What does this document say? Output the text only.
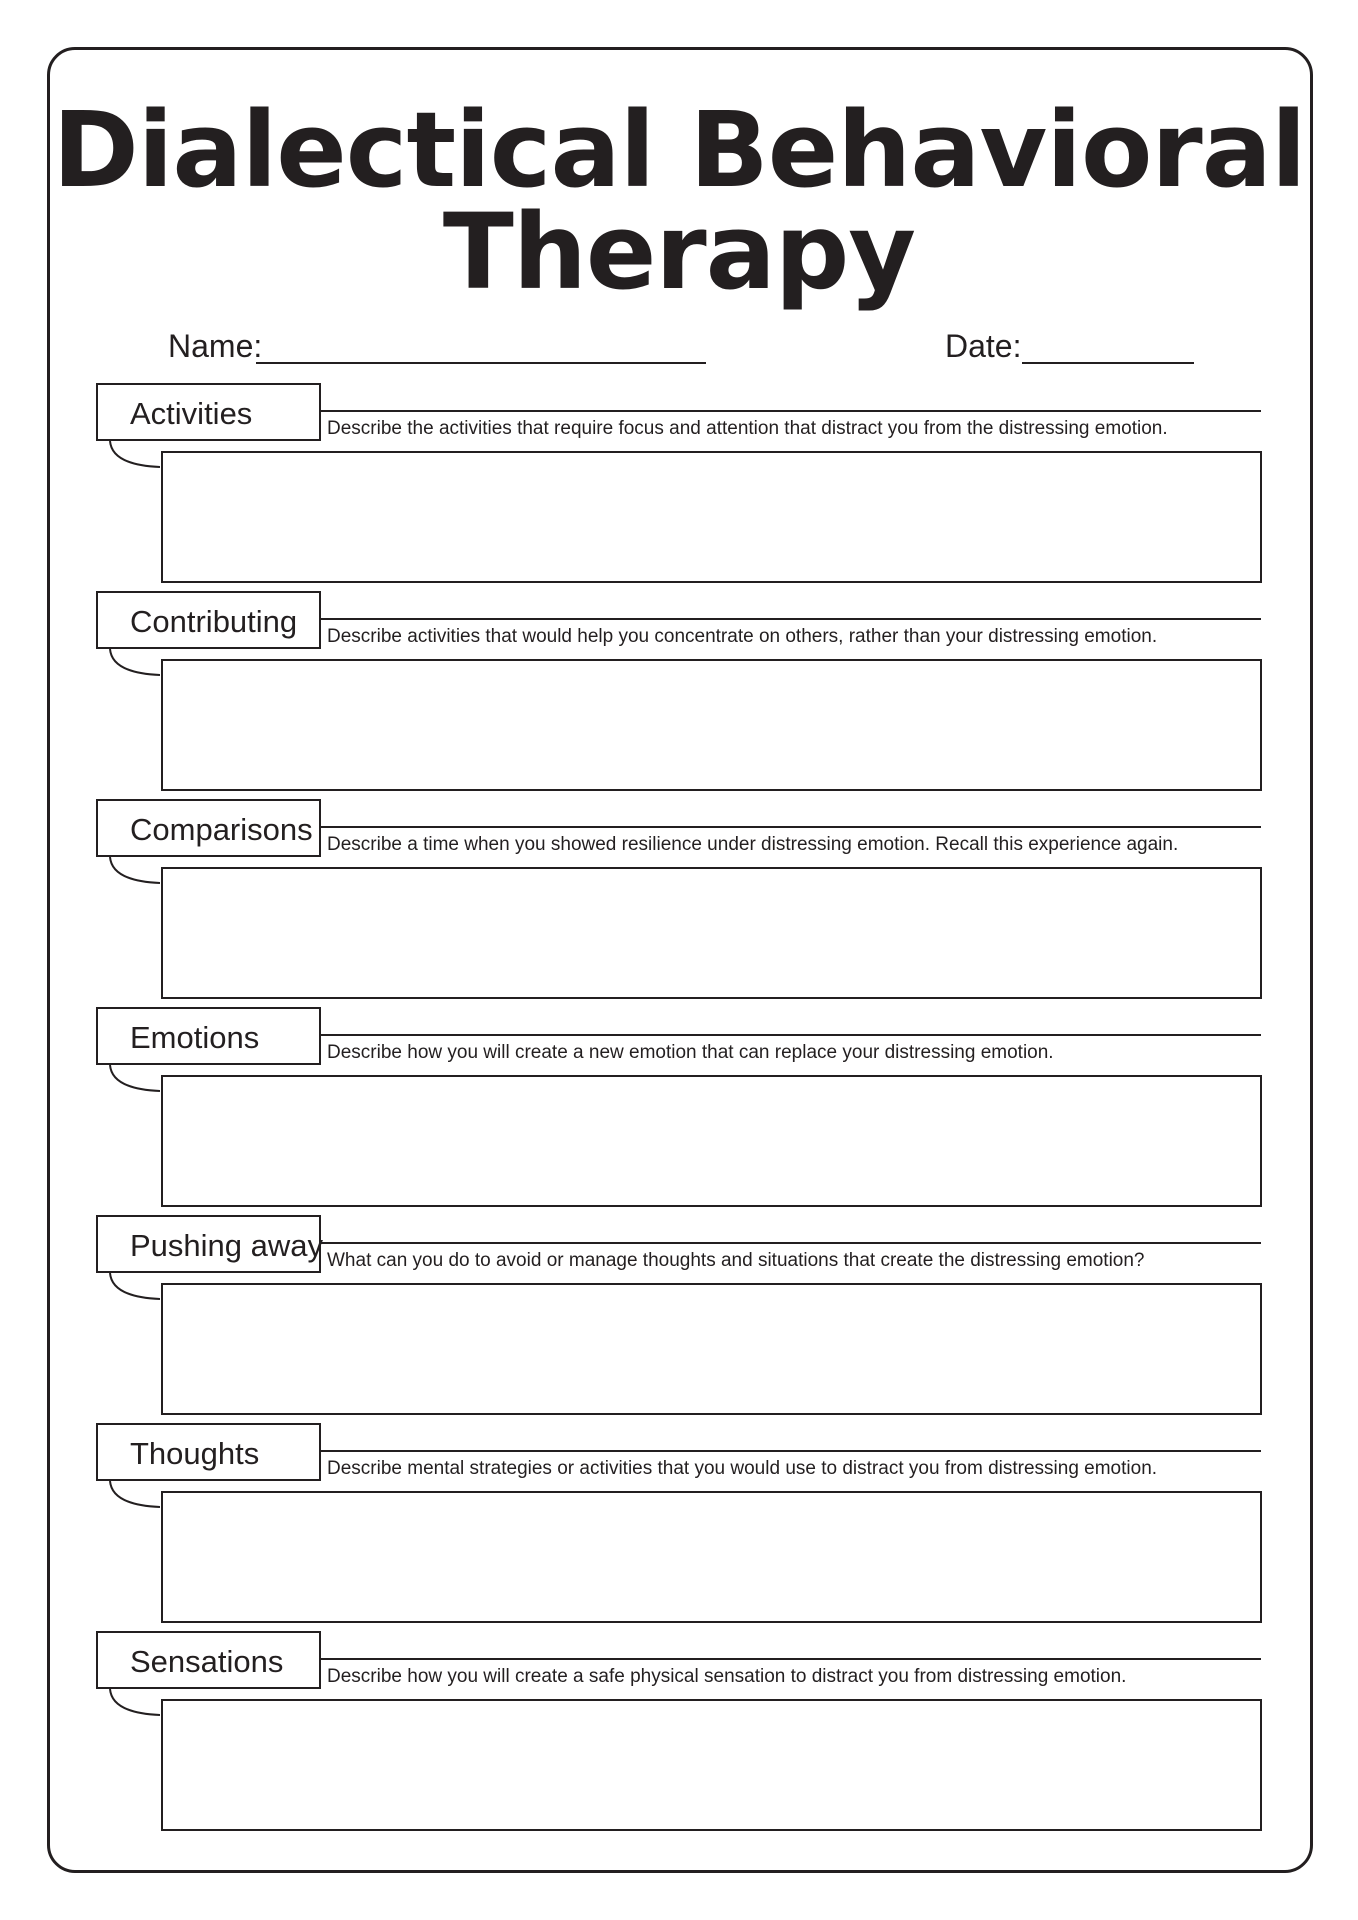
Dialectical Behavioral
Therapy
Name:	Date:
Activities	Describe the activities that require focus and attention that distract you from the distressing emotion.
Contributing Describe activities that would help you concentrate on others, rather than your distressing emotion.
Comparisons Describe a time when you showed resilience under distressing emotion. Recall this experience again.
Emotions	Describe how you will create a new emotion that can replace your distressing emotion.
Pushing away What can you do to avoid or manage thoughts and situations that create the distressing emotion?
Thoughts	Describe mental strategies or activities that you would use to distract you from distressing emotion.
Sensations Describe how you will create a safe physical sensation to distract you from distressing emotion.
